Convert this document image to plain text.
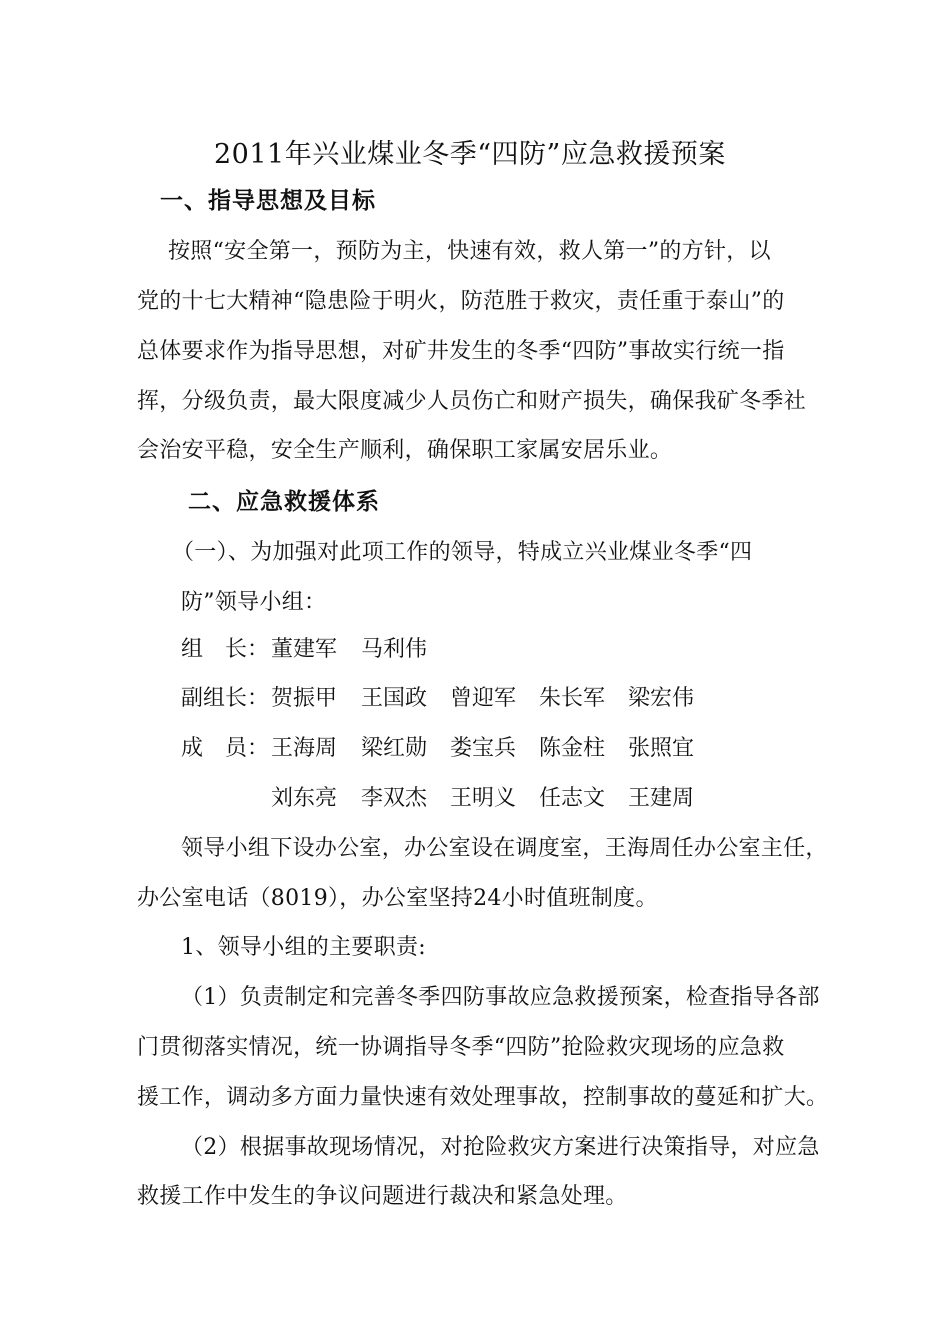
2011年兴业煤业冬季“四防”应急救援预案
一、指导思想及目标
按照“安全第一，预防为主，快速有效，救人第一”的方针，以
党的十七大精神“隐患险于明火，防范胜于救灾，责任重于泰山”的
总体要求作为指导思想，对矿井发生的冬季“四防”事故实行统一指
挥，分级负责，最大限度减少人员伤亡和财产损失，确保我矿冬季社
会治安平稳，安全生产顺利，确保职工家属安居乐业。
二、应急救援体系
（一）、为加强对此项工作的领导，特成立兴业煤业冬季“四
防”领导小组：
组　长： 董建军 马利伟
副组长： 贺振甲 王国政 曾迎军 朱长军 梁宏伟
成　员： 王海周 梁红勋 娄宝兵 陈金柱 张照宜
刘东亮 李双杰 王明义 任志文 王建周
领导小组下设办公室，办公室设在调度室，王海周任办公室主任，
办公室电话（8019），办公室坚持24小时值班制度。
1、领导小组的主要职责:
（1）负责制定和完善冬季四防事故应急救援预案，检查指导各部
门贯彻落实情况，统一协调指导冬季“四防”抢险救灾现场的应急救
援工作，调动多方面力量快速有效处理事故，控制事故的蔓延和扩大。
（2）根据事故现场情况，对抢险救灾方案进行决策指导，对应急
救援工作中发生的争议问题进行裁决和紧急处理。
